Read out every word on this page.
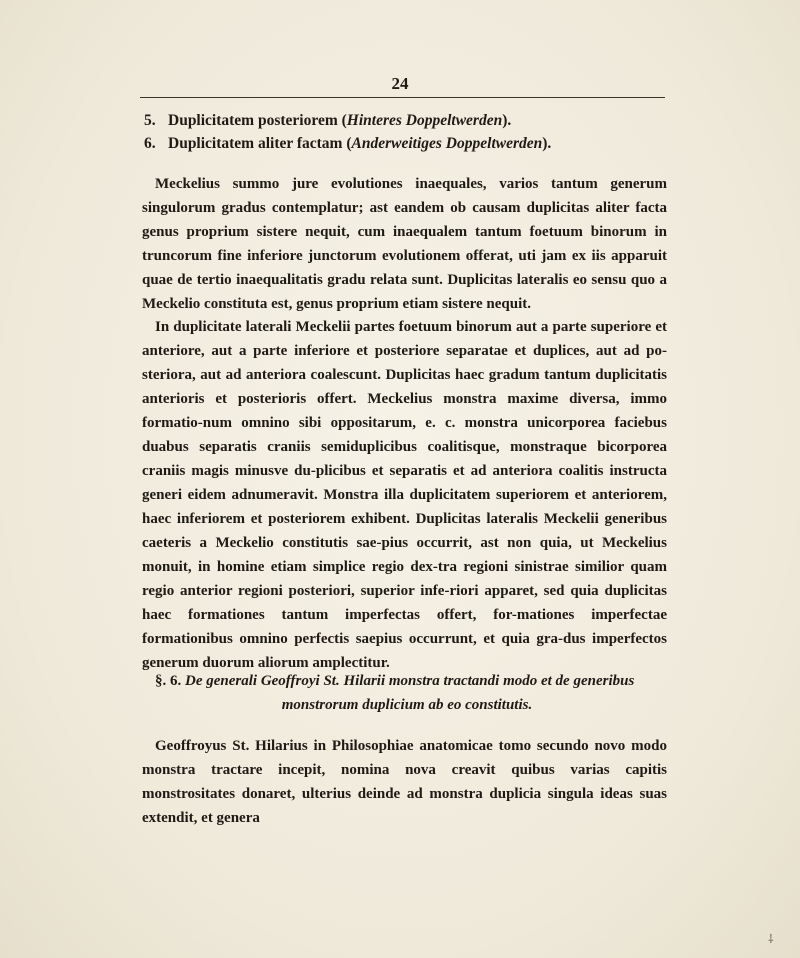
24
5. Duplicitatem posteriorem (Hinteres Doppeltwerden).
6. Duplicitatem aliter factam (Anderweitiges Doppeltwerden).

Meckelius summo jure evolutiones inaequales, varios tantum generum singulorum gradus contemplatur; ast eandem ob causam duplicitas aliter facta genus proprium sistere nequit, cum inaequalem tantum foetuum binorum in truncorum fine inferiore junctorum evolutionem offerat, uti jam ex iis apparuit quae de tertio inaequalitatis gradu relata sunt. Duplicitas lateralis eo sensu quo a Meckelio constituta est, genus proprium etiam sistere nequit.

In duplicitate laterali Meckelii partes foetuum binorum aut a parte superiore et anteriore, aut a parte inferiore et posteriore separatae et duplices, aut ad po-steriora, aut ad anteriora coalescunt. Duplicitas haec gradum tantum duplicitatis anterioris et posterioris offert. Meckelius monstra maxime diversa, immo formatio-num omnino sibi oppositarum, e. c. monstra unicorporea faciebus duabus separatis craniis semiduplicibus coalitisque, monstraque bicorporea craniis magis minusve du-plicibus et separatis et ad anteriora coalitis instructa generi eidem adnumeravit. Monstra illa duplicitatem superiorem et anteriorem, haec inferiorem et posteriorem exhibent. Duplicitas lateralis Meckelii generibus caeteris a Meckelio constitutis sae-pius occurrit, ast non quia, ut Meckelius monuit, in homine etiam simplice regio dex-tra regioni sinistrae similior quam regio anterior regioni posteriori, superior infe-riori apparet, sed quia duplicitas haec formationes tantum imperfectas offert, for-mationes imperfectae formationibus omnino perfectis saepius occurrunt, et quia gra-dus imperfectos generum duorum aliorum amplectitur.

§. 6. De generali Geoffroyi St. Hilarii monstra tractandi modo et de generibus
monstrorum duplicium ab eo constitutis.

Geoffroyus St. Hilarius in Philosophiae anatomicae tomo secundo novo modo monstra tractare incepit, nomina nova creavit quibus varias capitis monstrositates donaret, ulterius deinde ad monstra duplicia singula ideas suas extendit, et genera

⸸
